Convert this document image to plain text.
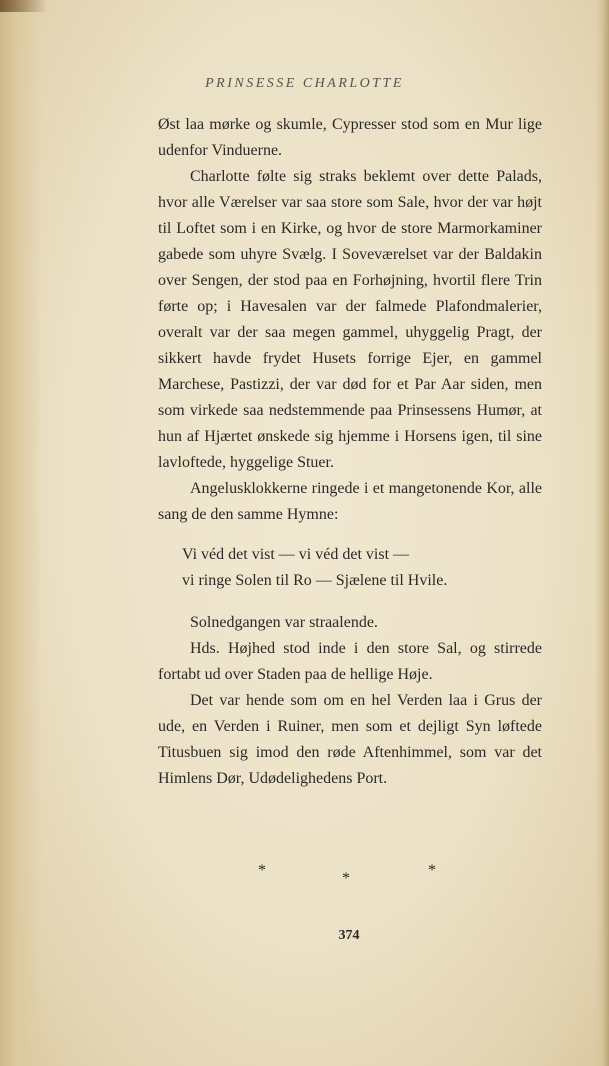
PRINSESSE CHARLOTTE

Øst laa mørke og skumle, Cypresser stod som en Mur lige udenfor Vinduerne.

Charlotte følte sig straks beklemt over dette Palads, hvor alle Værelser var saa store som Sale, hvor der var højt til Loftet som i en Kirke, og hvor de store Marmorkaminer gabede som uhyre Svælg. I Soveværelset var der Baldakin over Sengen, der stod paa en Forhøjning, hvortil flere Trin førte op; i Havesalen var der falmede Plafondmalerier, overalt var der saa megen gammel, uhyggelig Pragt, der sikkert havde frydet Husets forrige Ejer, en gammel Marchese, Pastizzi, der var død for et Par Aar siden, men som virkede saa nedstemmende paa Prinsessens Humør, at hun af Hjærtet ønskede sig hjemme i Horsens igen, til sine lavloftede, hyggelige Stuer.

Angelusklokkerne ringede i et mangetonende Kor, alle sang de den samme Hymne:

Vi véd det vist — vi véd det vist —
vi ringe Solen til Ro — Sjælene til Hvile.

Solnedgangen var straalende.

Hds. Højhed stod inde i den store Sal, og stirrede fortabt ud over Staden paa de hellige Høje.

Det var hende som om en hel Verden laa i Grus der ude, en Verden i Ruiner, men som et dejligt Syn løftede Titusbuen sig imod den røde Aftenhimmel, som var det Himlens Dør, Udødelighedens Port.

*	*	*
374
